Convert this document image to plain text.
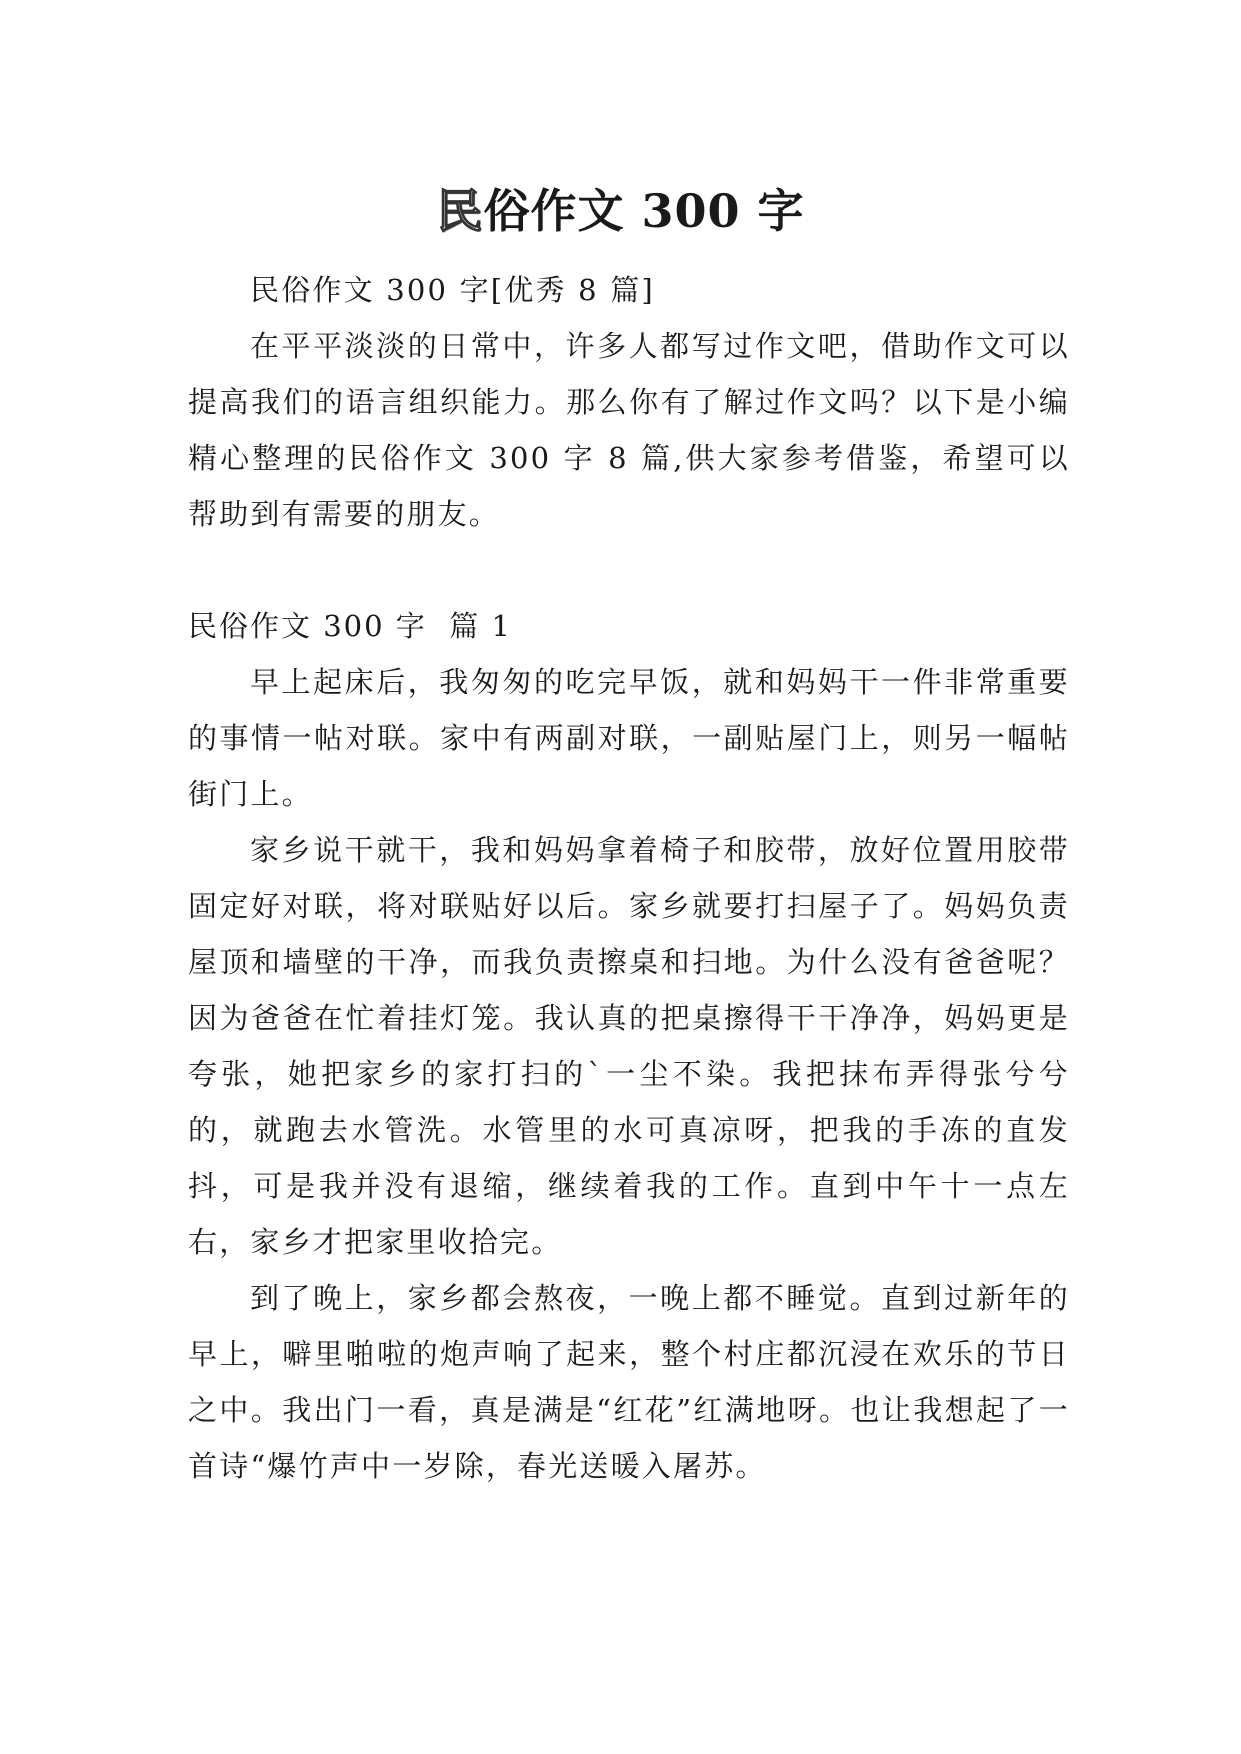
民俗作文 300 字

民俗作文 300 字[优秀 8 篇]

在平平淡淡的日常中，许多人都写过作文吧，借助作文可以提高我们的语言组织能力。那么你有了解过作文吗？以下是小编精心整理的民俗作文 300 字 8 篇,供大家参考借鉴，希望可以帮助到有需要的朋友。

民俗作文 300 字  篇 1

早上起床后，我匆匆的吃完早饭，就和妈妈干一件非常重要的事情一帖对联。家中有两副对联，一副贴屋门上，则另一幅帖街门上。

家乡说干就干，我和妈妈拿着椅子和胶带，放好位置用胶带固定好对联，将对联贴好以后。家乡就要打扫屋子了。妈妈负责屋顶和墙壁的干净，而我负责擦桌和扫地。为什么没有爸爸呢？因为爸爸在忙着挂灯笼。我认真的把桌擦得干干净净，妈妈更是夸张，她把家乡的家打扫的`一尘不染。我把抹布弄得张兮兮的，就跑去水管洗。水管里的水可真凉呀，把我的手冻的直发抖，可是我并没有退缩，继续着我的工作。直到中午十一点左右，家乡才把家里收拾完。

到了晚上，家乡都会熬夜，一晚上都不睡觉。直到过新年的早上，噼里啪啦的炮声响了起来，整个村庄都沉浸在欢乐的节日之中。我出门一看，真是满是“红花”红满地呀。也让我想起了一首诗“爆竹声中一岁除，春光送暖入屠苏。
